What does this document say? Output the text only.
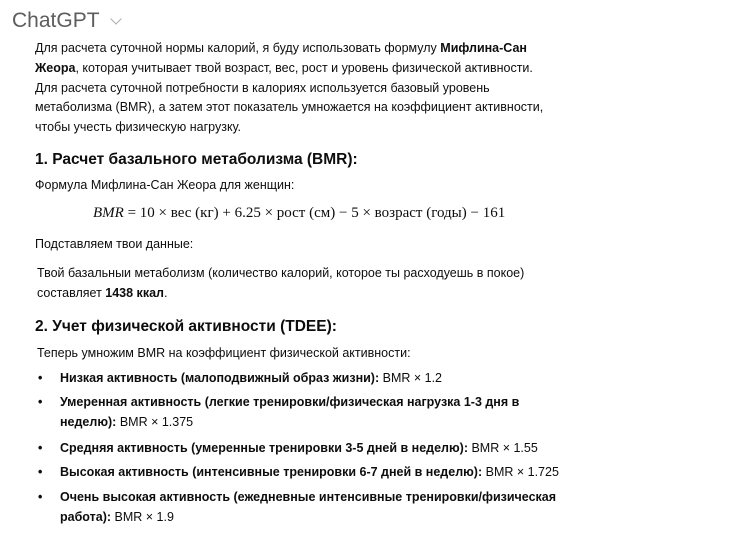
ChatGPT
Для расчета суточной нормы калорий, я буду использовать формулу Мифлина-Сан
Жеора, которая учитывает твой возраст, вес, рост и уровень физической активности.
Для расчета суточной потребности в калориях используется базовый уровень
метаболизма (BMR), а затем этот показатель умножается на коэффициент активности,
чтобы учесть физическую нагрузку.
1. Расчет базального метаболизма (BMR):
Формула Мифлина-Сан Жеора для женщин:
BMR = 10 × вес (кг) + 6.25 × рост (см) − 5 × возраст (годы) − 161
Подставляем твои данные:
Твой базальныи метаболизм (количество калорий, которое ты расходуешь в покое)
составляет 1438 ккал.
2. Учет физической активности (TDEE):
Теперь умножим BMR на коэффициент физической активности:
• Низкая активность (малоподвижный образ жизни): BMR × 1.2
• Умеренная активность (легкие тренировки/физическая нагрузка 1-3 дня в
неделю): BMR × 1.375
• Средняя активность (умеренные тренировки 3-5 дней в неделю): BMR × 1.55
• Высокая активность (интенсивные тренировки 6-7 дней в неделю): BMR × 1.725
• Очень высокая активность (ежедневные интенсивные тренировки/физическая
работа): BMR × 1.9
